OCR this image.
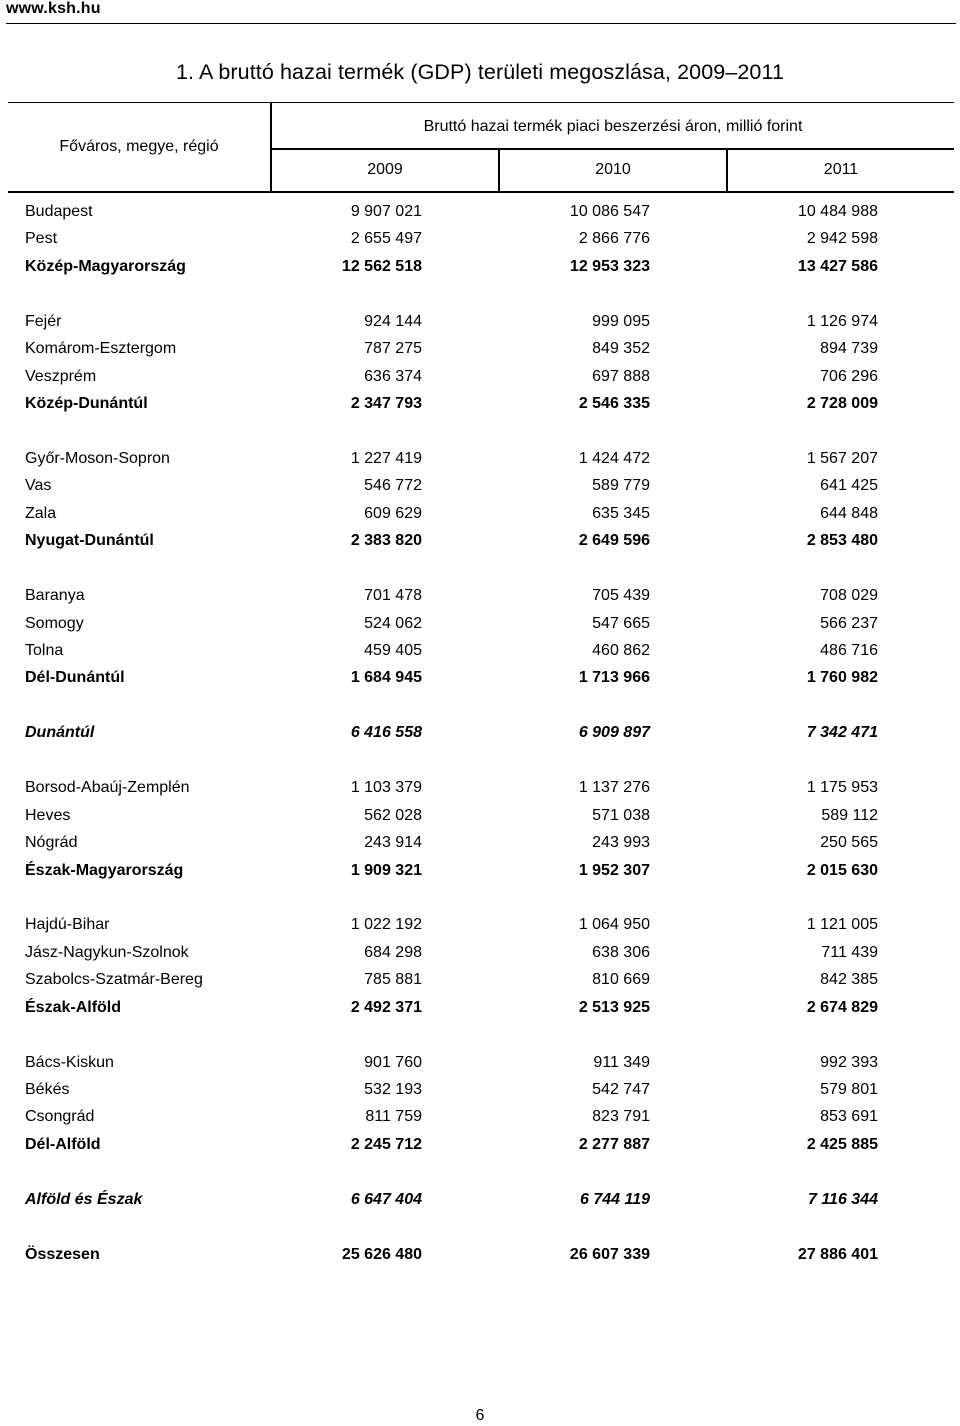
www.ksh.hu
1. A bruttó hazai termék (GDP) területi megoszlása, 2009–2011
Főváros, megye, régió
Bruttó hazai termék piaci beszerzési áron, millió forint
2009	2010	2011
Budapest	9 907 021	10 086 547	10 484 988
Pest	2 655 497	2 866 776	2 942 598
Közép-Magyarország	12 562 518	12 953 323	13 427 586
Fejér	924 144	999 095	1 126 974
Komárom-Esztergom	787 275	849 352	894 739
Veszprém	636 374	697 888	706 296
Közép-Dunántúl	2 347 793	2 546 335	2 728 009
Győr-Moson-Sopron	1 227 419	1 424 472	1 567 207
Vas	546 772	589 779	641 425
Zala	609 629	635 345	644 848
Nyugat-Dunántúl	2 383 820	2 649 596	2 853 480
Baranya	701 478	705 439	708 029
Somogy	524 062	547 665	566 237
Tolna	459 405	460 862	486 716
Dél-Dunántúl	1 684 945	1 713 966	1 760 982
Dunántúl	6 416 558	6 909 897	7 342 471
Borsod-Abaúj-Zemplén	1 103 379	1 137 276	1 175 953
Heves	562 028	571 038	589 112
Nógrád	243 914	243 993	250 565
Észak-Magyarország	1 909 321	1 952 307	2 015 630
Hajdú-Bihar	1 022 192	1 064 950	1 121 005
Jász-Nagykun-Szolnok	684 298	638 306	711 439
Szabolcs-Szatmár-Bereg	785 881	810 669	842 385
Észak-Alföld	2 492 371	2 513 925	2 674 829
Bács-Kiskun	901 760	911 349	992 393
Békés	532 193	542 747	579 801
Csongrád	811 759	823 791	853 691
Dél-Alföld	2 245 712	2 277 887	2 425 885
Alföld és Észak	6 647 404	6 744 119	7 116 344
Összesen	25 626 480	26 607 339	27 886 401
6
